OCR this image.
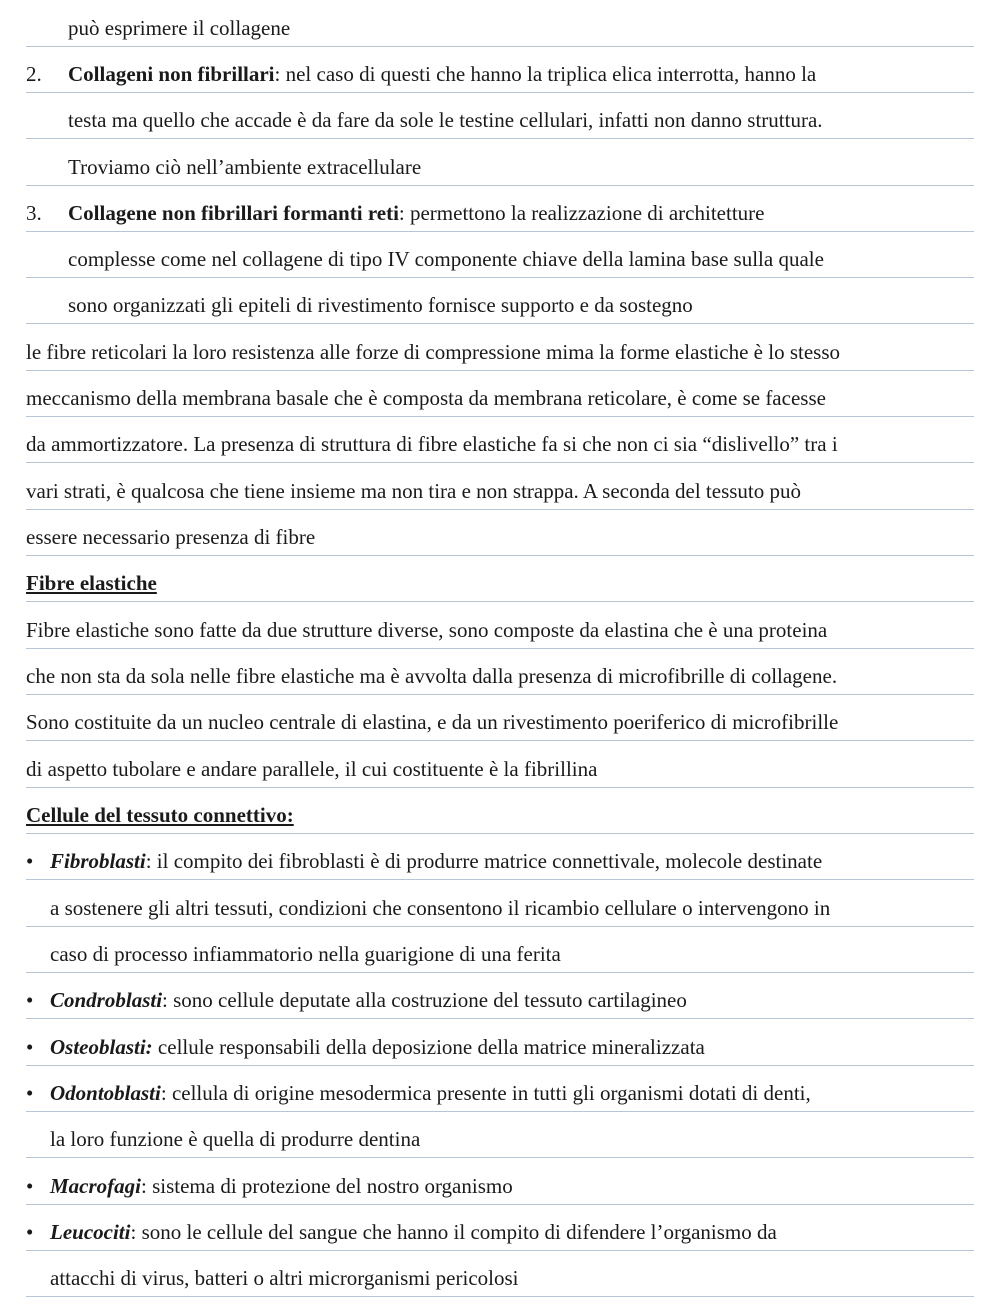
può esprimere il collagene
2. Collageni non fibrillari: nel caso di questi che hanno la triplica elica interrotta, hanno la
testa ma quello che accade è da fare da sole le testine cellulari, infatti non danno struttura.
Troviamo ciò nell’ambiente extracellulare
3. Collagene non fibrillari formanti reti: permettono la realizzazione di architetture
complesse come nel collagene di tipo IV componente chiave della lamina base sulla quale
sono organizzati gli epiteli di rivestimento fornisce supporto e da sostegno
le fibre reticolari la loro resistenza alle forze di compressione mima la forme elastiche è lo stesso
meccanismo della membrana basale che è composta da membrana reticolare, è come se facesse
da ammortizzatore. La presenza di struttura di fibre elastiche fa si che non ci sia “dislivello” tra i
vari strati, è qualcosa che tiene insieme ma non tira e non strappa. A seconda del tessuto può
essere necessario presenza di fibre
Fibre elastiche
Fibre elastiche sono fatte da due strutture diverse, sono composte da elastina che è una proteina
che non sta da sola nelle fibre elastiche ma è avvolta dalla presenza di microfibrille di collagene.
Sono costituite da un nucleo centrale di elastina, e da un rivestimento poeriferico di microfibrille
di aspetto tubolare e andare parallele, il cui costituente è la fibrillina
Cellule del tessuto connettivo:
• Fibroblasti: il compito dei fibroblasti è di produrre matrice connettivale, molecole destinate
a sostenere gli altri tessuti, condizioni che consentono il ricambio cellulare o intervengono in
caso di processo infiammatorio nella guarigione di una ferita
• Condroblasti: sono cellule deputate alla costruzione del tessuto cartilagineo
• Osteoblasti: cellule responsabili della deposizione della matrice mineralizzata
• Odontoblasti: cellula di origine mesodermica presente in tutti gli organismi dotati di denti,
la loro funzione è quella di produrre dentina
• Macrofagi: sistema di protezione del nostro organismo
• Leucociti: sono le cellule del sangue che hanno il compito di difendere l’organismo da
attacchi di virus, batteri o altri microrganismi pericolosi
